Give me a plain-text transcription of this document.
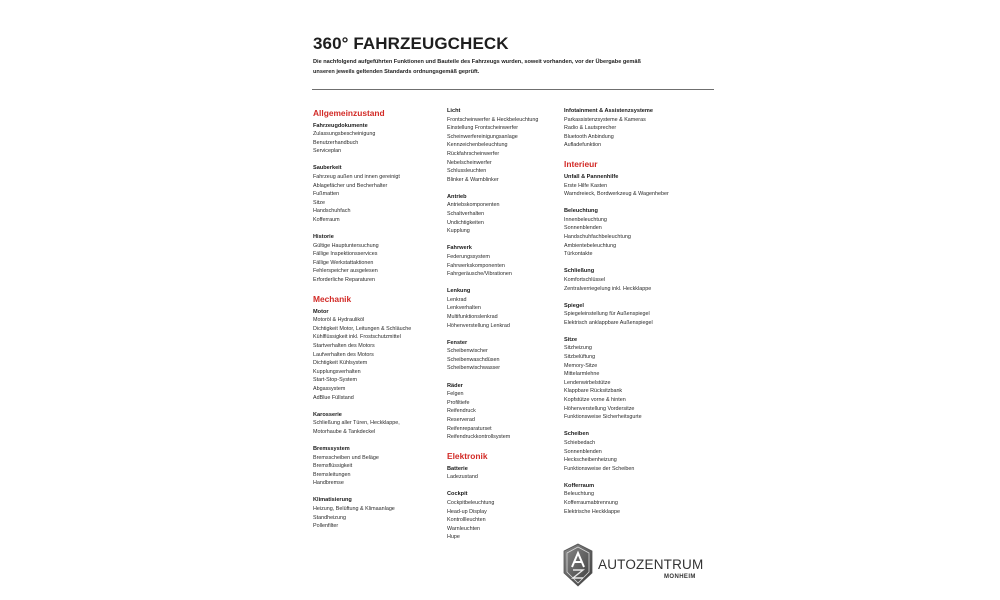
360° FAHRZEUGCHECK
Die nachfolgend aufgeführten Funktionen und Bauteile des Fahrzeugs wurden, soweit vorhanden, vor der Übergabe gemäß unseren jeweils geltenden Standards ordnungsgemäß geprüft.
Allgemeinzustand
Fahrzeugdokumente
Zulassungsbescheinigung
Benutzerhandbuch
Serviceplan
Sauberkeit
Fahrzeug außen und innen gereinigt
Ablagefächer und Becherhalter
Fußmatten
Sitze
Handschuhfach
Kofferraum
Historie
Gültige Hauptuntersuchung
Fällige Inspektionsservices
Fällige Werkstattaktionen
Fehlerspeicher ausgelesen
Erforderliche Reparaturen
Mechanik
Motor
Motoröl & Hydrauliköl
Dichtigkeit Motor, Leitungen & Schläuche
Kühlflüssigkeit inkl. Frostschutzmittel
Startverhalten des Motors
Laufverhalten des Motors
Dichtigkeit Kühlsystem
Kupplungsverhalten
Start-Stop-System
Abgassystem
AdBlue Füllstand
Karosserie
Schließung aller Türen, Heckklappe,
Motorhaube & Tankdeckel
Bremssystem
Bremsscheiben und Beläge
Bremsflüssigkeit
Bremsleitungen
Handbremse
Klimatisierung
Heizung, Belüftung & Klimaanlage
Standheizung
Pollenfilter
Licht
Frontscheinwerfer & Heckbeleuchtung
Einstellung Frontscheinwerfer
Scheinwerfereinigungsanlage
Kennzeichenbeleuchtung
Rückfahrscheinwerfer
Nebelscheinwerfer
Schlussleuchten
Blinker & Warnblinker
Antrieb
Antriebskomponenten
Schaltverhalten
Undichtigkeiten
Kupplung
Fahrwerk
Federungssystem
Fahrwerkskomponenten
Fahrgeräusche/Vibrationen
Lenkung
Lenkrad
Lenkverhalten
Multifunktionslenkrad
Höhenverstellung Lenkrad
Fenster
Scheibenwischer
Scheibenwaschdüsen
Scheibenwischwasser
Räder
Felgen
Profiltiefe
Reifendruck
Reserverad
Reifenreparaturset
Reifendruckkontrollsystem
Elektronik
Batterie
Ladezustand
Cockpit
Cockpitbeleuchtung
Head-up Display
Kontrollleuchten
Warnleuchten
Hupe
Infotainment & Assistenzsysteme
Parkassistenzsysteme & Kameras
Radio & Lautsprecher
Bluetooth Anbindung
Aufladefunktion
Interieur
Unfall & Pannenhilfe
Erste Hilfe Kasten
Warndreieck, Bordwerkzeug & Wagenheber
Beleuchtung
Innenbeleuchtung
Sonnenblenden
Handschuhfachbeleuchtung
Ambientebeleuchtung
Türkontakte
Schließung
Komfortschlüssel
Zentralverriegelung inkl. Heckklappe
Spiegel
Spiegeleinstellung für Außenspiegel
Elektrisch anklappbare Außenspiegel
Sitze
Sitzheizung
Sitzbelüftung
Memory-Sitze
Mittelarmlehne
Lendenwirbelstütze
Klappbare Rücksitzbank
Kopfstütze vorne & hinten
Höhenverstellung Vordersitze
Funktionsweise Sicherheitsgurte
Scheiben
Schiebedach
Sonnenblenden
Heckscheibenheizung
Funktionsweise der Scheiben
Kofferraum
Beleuchtung
Kofferraumabtrennung
Elektrische Heckklappe
AUTOZENTRUM
MONHEIM
